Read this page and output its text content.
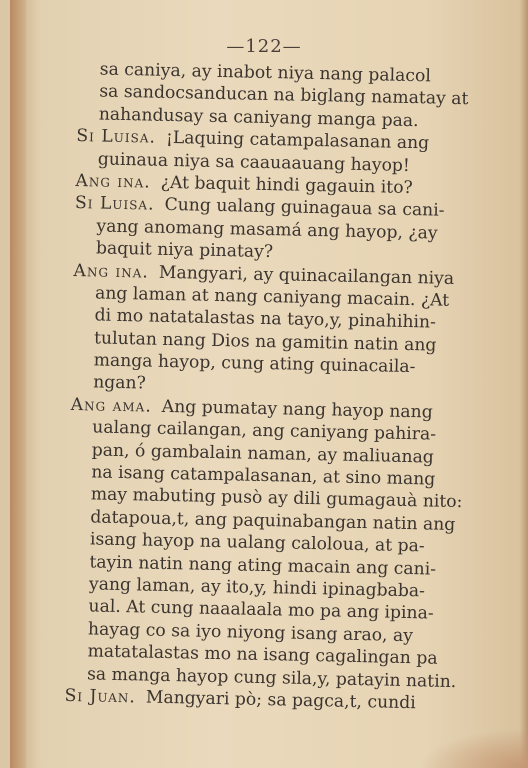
—122—
sa caniya, ay inabot niya nang palacol
sa sandocsanducan na biglang namatay at
nahandusay sa caniyang manga paa.
Si Luisa. ¡Laquing catampalasanan ang
guinaua niya sa caauaauang hayop!
Ang ina. ¿At baquit hindi gagauin ito?
Si Luisa. Cung ualang guinagaua sa cani-
yang anomang masamá ang hayop, ¿ay
baquit niya pinatay?
Ang ina. Mangyari, ay quinacailangan niya
ang laman at nang caniyang macain. ¿At
di mo natatalastas na tayo,y, pinahihin-
tulutan nang Dios na gamitin natin ang
manga hayop, cung ating quinacaila-
ngan?
Ang ama. Ang pumatay nang hayop nang
ualang cailangan, ang caniyang pahira-
pan, ó gambalain naman, ay maliuanag
na isang catampalasanan, at sino mang
may mabuting pusò ay dili gumagauà nito:
datapoua,t, ang paquinabangan natin ang
isang hayop na ualang caloloua, at pa-
tayin natin nang ating macain ang cani-
yang laman, ay ito,y, hindi ipinagbaba-
ual. At cung naaalaala mo pa ang ipina-
hayag co sa iyo niyong isang arao, ay
matatalastas mo na isang cagalingan pa
sa manga hayop cung sila,y, patayin natin.
Si Juan. Mangyari pò; sa pagca,t, cundi
